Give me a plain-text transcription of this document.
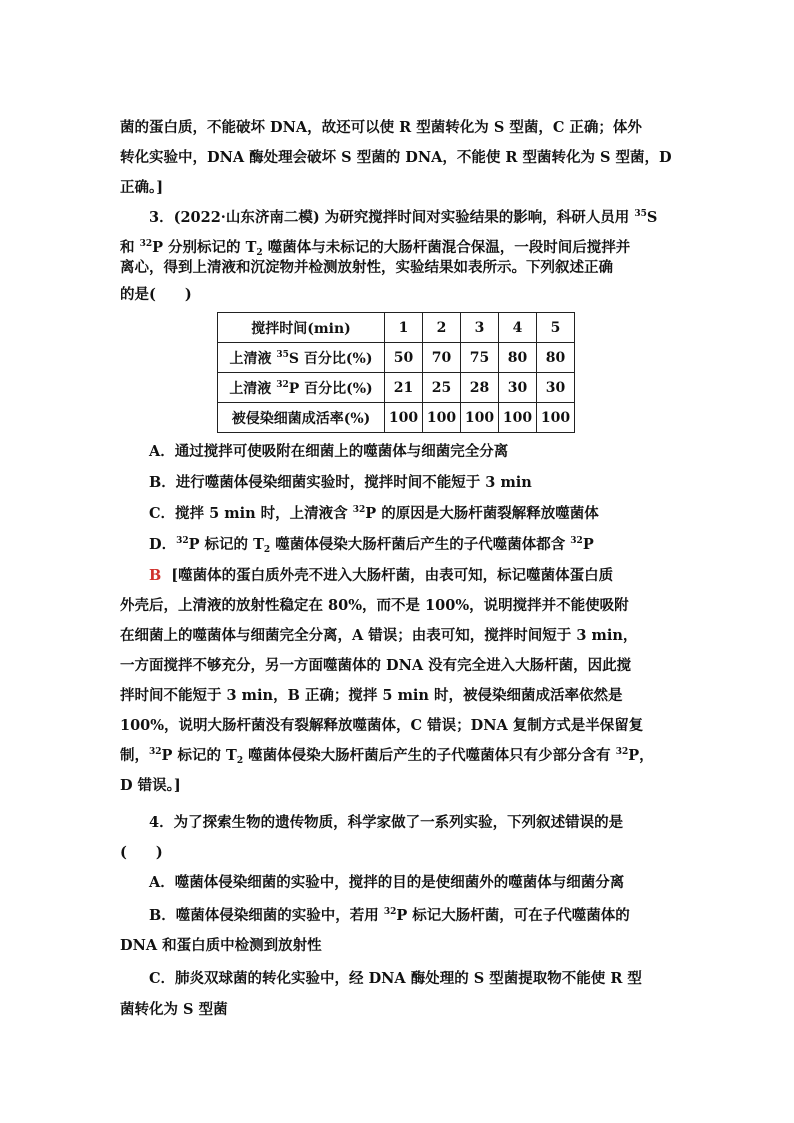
菌的蛋白质，不能破坏 DNA，故还可以使 R 型菌转化为 S 型菌，C 正确；体外
转化实验中，DNA 酶处理会破坏 S 型菌的 DNA，不能使 R 型菌转化为 S 型菌，D
正确。]
3．(2022·山东济南二模) 为研究搅拌时间对实验结果的影响，科研人员用 $^{35}$S
和 $^{32}$P 分别标记的 $T_2$ 噬菌体与未标记的大肠杆菌混合保温，一段时间后搅拌并
离心，得到上清液和沉淀物并检测放射性，实验结果如表所示。下列叙述正确
的是(　　)
搅拌时间(min)	1	2	3	4	5
上清液 $^{35}$S 百分比(%)	50	70	75	80	80
上清液 $^{32}$P 百分比(%)	21	25	28	30	30
被侵染细菌成活率(%)	100	100	100	100	100
A．通过搅拌可使吸附在细菌上的噬菌体与细菌完全分离
B．进行噬菌体侵染细菌实验时，搅拌时间不能短于 3 min
C．搅拌 5 min 时，上清液含 $^{32}$P 的原因是大肠杆菌裂解释放噬菌体
D．$^{32}$P 标记的 $T_2$ 噬菌体侵染大肠杆菌后产生的子代噬菌体都含 $^{32}$P
B [噬菌体的蛋白质外壳不进入大肠杆菌，由表可知，标记噬菌体蛋白质
外壳后，上清液的放射性稳定在 80%，而不是 100%，说明搅拌并不能使吸附
在细菌上的噬菌体与细菌完全分离，A 错误；由表可知，搅拌时间短于 3 min，
一方面搅拌不够充分，另一方面噬菌体的 DNA 没有完全进入大肠杆菌，因此搅
拌时间不能短于 3 min，B 正确；搅拌 5 min 时，被侵染细菌成活率依然是
100%，说明大肠杆菌没有裂解释放噬菌体，C 错误；DNA 复制方式是半保留复
制，$^{32}$P 标记的 $T_2$ 噬菌体侵染大肠杆菌后产生的子代噬菌体只有少部分含有 $^{32}$P，
D 错误。]
4．为了探索生物的遗传物质，科学家做了一系列实验，下列叙述错误的是
(　　)
A．噬菌体侵染细菌的实验中，搅拌的目的是使细菌外的噬菌体与细菌分离
B．噬菌体侵染细菌的实验中，若用 $^{32}$P 标记大肠杆菌，可在子代噬菌体的
DNA 和蛋白质中检测到放射性
C．肺炎双球菌的转化实验中，经 DNA 酶处理的 S 型菌提取物不能使 R 型
菌转化为 S 型菌
